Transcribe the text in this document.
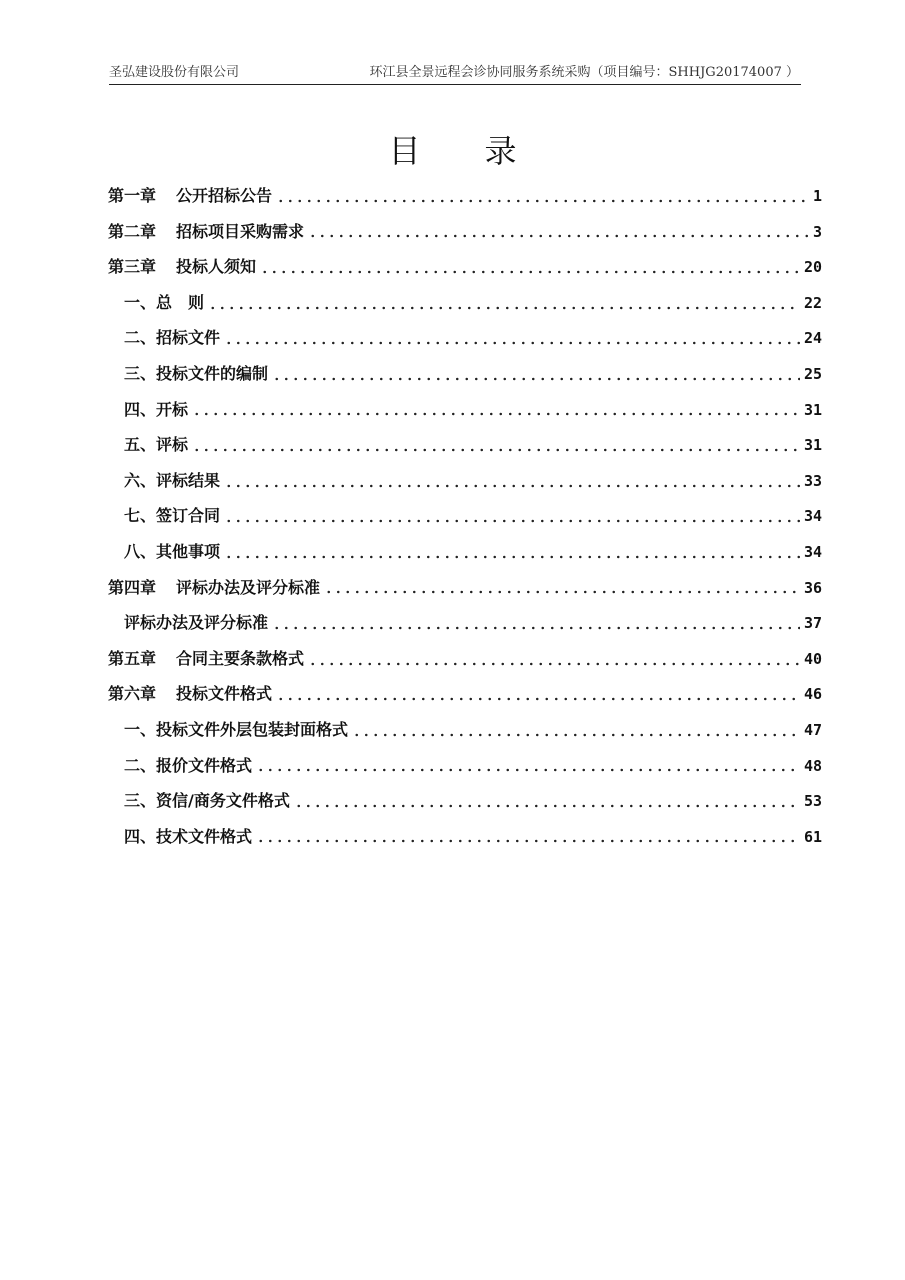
圣弘建设股份有限公司	环江县全景远程会诊协同服务系统采购（项目编号：SHHJG20174007 ）
目录
第一章 公开招标公告	1
第二章 招标项目采购需求	3
第三章 投标人须知	20
一、总　则	22
二、招标文件	24
三、投标文件的编制	25
四、开标	31
五、评标	31
六、评标结果	33
七、签订合同	34
八、其他事项	34
第四章 评标办法及评分标准	36
评标办法及评分标准	37
第五章 合同主要条款格式	40
第六章 投标文件格式	46
一、投标文件外层包装封面格式	47
二、报价文件格式	48
三、资信/商务文件格式	53
四、技术文件格式	61
